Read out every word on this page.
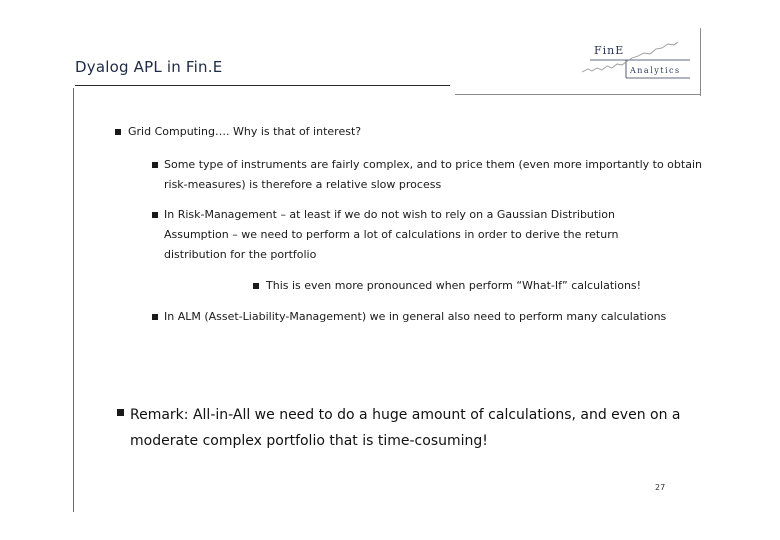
Dyalog APL in Fin.E
FinE
Analytics
Grid Computing…. Why is that of interest?
Some type of instruments are fairly complex, and to price them (even more importantly to obtain risk-measures) is therefore a relative slow process
In Risk-Management – at least if we do not wish to rely on a Gaussian Distribution Assumption – we need to perform a lot of calculations in order to derive the return distribution for the portfolio
This is even more pronounced when perform “What-If” calculations!
In ALM (Asset-Liability-Management) we in general also need to perform many calculations
Remark: All-in-All we need to do a huge amount of calculations, and even on a moderate complex portfolio that is time-cosuming!
27
